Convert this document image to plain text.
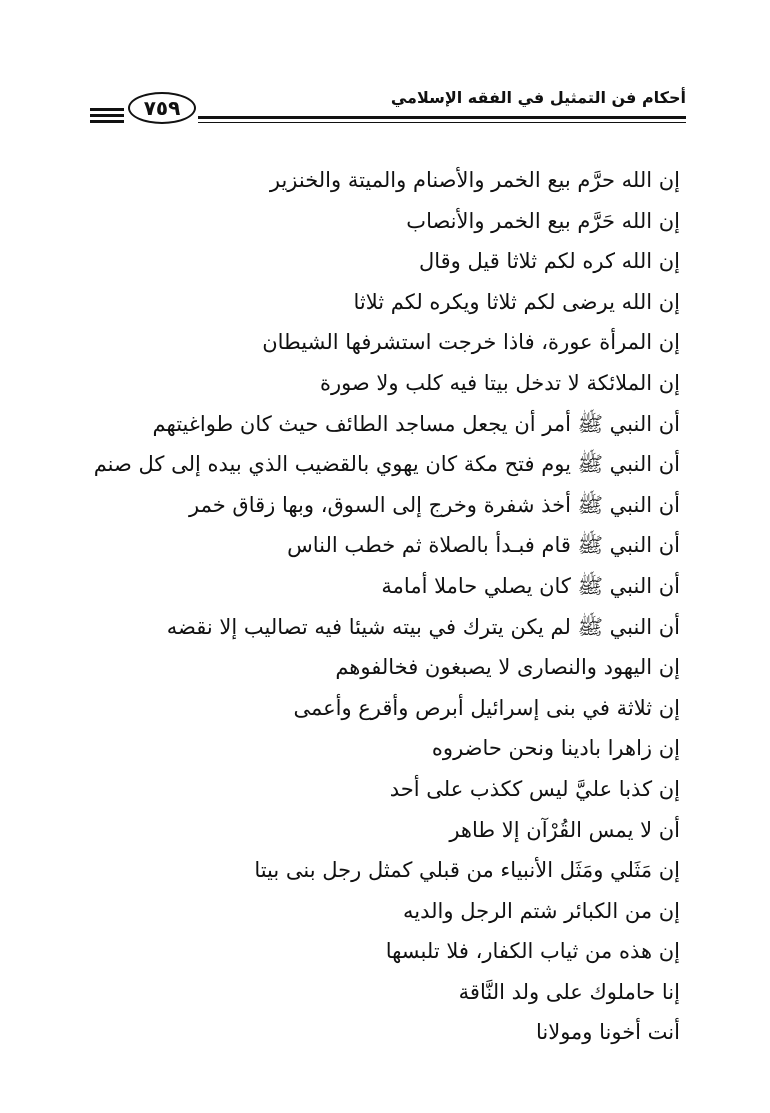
أحكام فن التمثيل في الفقه الإسلامي
٧٥٩
إن الله حرَّم بيع الخمر والأصنام والميتة والخنزير
إن الله حَرَّم بيع الخمر والأنصاب
إن الله كره لكم ثلاثا قيل وقال
إن الله يرضى لكم ثلاثا ويكره لكم ثلاثا
إن المرأة عورة، فاذا خرجت استشرفها الشيطان
إن الملائكة لا تدخل بيتا فيه كلب ولا صورة
أن النبي ﷺ أمر أن يجعل مساجد الطائف حيث كان طواغيتهم
أن النبي ﷺ يوم فتح مكة كان يهوي بالقضيب الذي بيده إلى كل صنم
أن النبي ﷺ أخذ شفرة وخرج إلى السوق، وبها زقاق خمر
أن النبي ﷺ قام فبـدأ بالصلاة ثم خطب الناس
أن النبي ﷺ كان يصلي حاملا أمامة
أن النبي ﷺ لم يكن يترك في بيته شيئا فيه تصاليب إلا نقضه
إن اليهود والنصارى لا يصبغون فخالفوهم
إن ثلاثة في بنى إسرائيل أبرص وأقرع وأعمى
إن زاهرا بادينا ونحن حاضروه
إن كذبا عليَّ ليس ككذب على أحد
أن لا يمس القُرْآن إلا طاهر
إن مَثَلي ومَثَل الأنبياء من قبلي كمثل رجل بنى بيتا
إن من الكبائر شتم الرجل والديه
إن هذه من ثياب الكفار، فلا تلبسها
إنا حاملوك على ولد النَّاقة
أنت أخونا ومولانا
